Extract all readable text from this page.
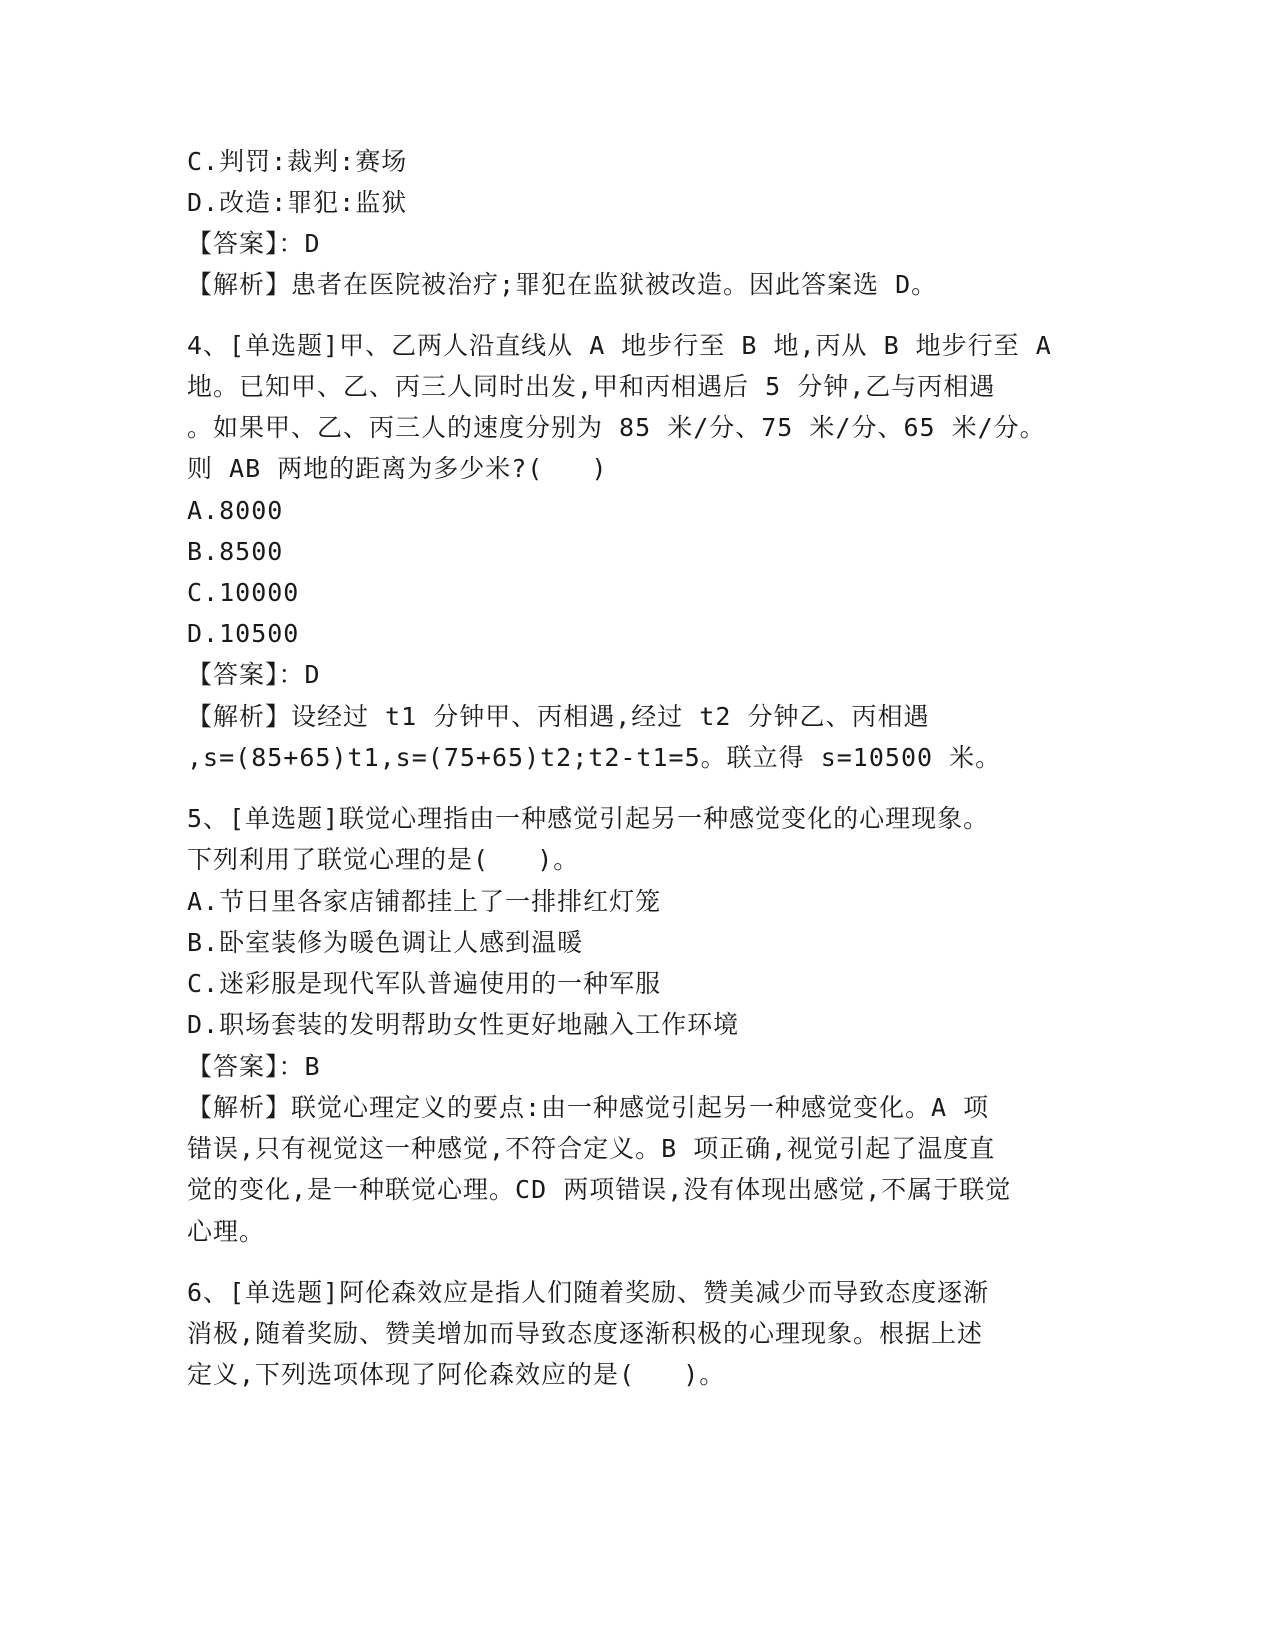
C.判罚:裁判:赛场
D.改造:罪犯:监狱
【答案】：D
【解析】患者在医院被治疗;罪犯在监狱被改造。因此答案选 D。
4、[单选题]甲、乙两人沿直线从 A 地步行至 B 地,丙从 B 地步行至 A
地。已知甲、乙、丙三人同时出发,甲和丙相遇后 5 分钟,乙与丙相遇
。如果甲、乙、丙三人的速度分别为 85 米/分、75 米/分、65 米/分。
则 AB 两地的距离为多少米?(   )
A.8000
B.8500
C.10000
D.10500
【答案】：D
【解析】设经过 t1 分钟甲、丙相遇,经过 t2 分钟乙、丙相遇
,s=(85+65)t1,s=(75+65)t2;t2-t1=5。联立得 s=10500 米。
5、[单选题]联觉心理指由一种感觉引起另一种感觉变化的心理现象。
下列利用了联觉心理的是(   )。
A.节日里各家店铺都挂上了一排排红灯笼
B.卧室装修为暖色调让人感到温暖
C.迷彩服是现代军队普遍使用的一种军服
D.职场套装的发明帮助女性更好地融入工作环境
【答案】：B
【解析】联觉心理定义的要点:由一种感觉引起另一种感觉变化。A 项
错误,只有视觉这一种感觉,不符合定义。B 项正确,视觉引起了温度直
觉的变化,是一种联觉心理。CD 两项错误,没有体现出感觉,不属于联觉
心理。
6、[单选题]阿伦森效应是指人们随着奖励、赞美减少而导致态度逐渐
消极,随着奖励、赞美增加而导致态度逐渐积极的心理现象。根据上述
定义,下列选项体现了阿伦森效应的是(   )。
